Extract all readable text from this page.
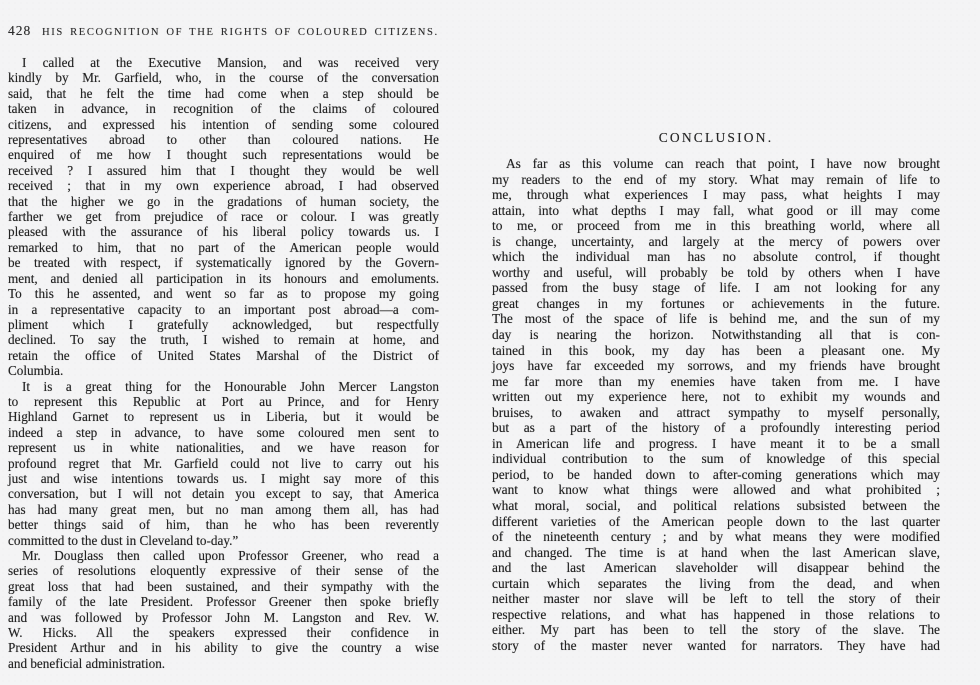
428	HIS RECOGNITION OF THE RIGHTS OF COLOURED CITIZENS.
I called at the Executive Mansion, and was received very
kindly by Mr. Garfield, who, in the course of the conversation
said, that he felt the time had come when a step should be
taken in advance, in recognition of the claims of coloured
citizens, and expressed his intention of sending some coloured
representatives abroad to other than coloured nations. He
enquired of me how I thought such representations would be
received ? I assured him that I thought they would be well
received ; that in my own experience abroad, I had observed
that the higher we go in the gradations of human society, the
farther we get from prejudice of race or colour. I was greatly
pleased with the assurance of his liberal policy towards us. I
remarked to him, that no part of the American people would
be treated with respect, if systematically ignored by the Govern-
ment, and denied all participation in its honours and emoluments.
To this he assented, and went so far as to propose my going
in a representative capacity to an important post abroad—a com-
pliment which I gratefully acknowledged, but respectfully
declined. To say the truth, I wished to remain at home, and
retain the office of United States Marshal of the District of
Columbia.
It is a great thing for the Honourable John Mercer Langston
to represent this Republic at Port au Prince, and for Henry
Highland Garnet to represent us in Liberia, but it would be
indeed a step in advance, to have some coloured men sent to
represent us in white nationalities, and we have reason for
profound regret that Mr. Garfield could not live to carry out his
just and wise intentions towards us. I might say more of this
conversation, but I will not detain you except to say, that America
has had many great men, but no man among them all, has had
better things said of him, than he who has been reverently
committed to the dust in Cleveland to-day.”
Mr. Douglass then called upon Professor Greener, who read a
series of resolutions eloquently expressive of their sense of the
great loss that had been sustained, and their sympathy with the
family of the late President. Professor Greener then spoke briefly
and was followed by Professor John M. Langston and Rev. W.
W. Hicks. All the speakers expressed their confidence in
President Arthur and in his ability to give the country a wise
and beneficial administration.
CONCLUSION.
As far as this volume can reach that point, I have now brought
my readers to the end of my story. What may remain of life to
me, through what experiences I may pass, what heights I may
attain, into what depths I may fall, what good or ill may come
to me, or proceed from me in this breathing world, where all
is change, uncertainty, and largely at the mercy of powers over
which the individual man has no absolute control, if thought
worthy and useful, will probably be told by others when I have
passed from the busy stage of life. I am not looking for any
great changes in my fortunes or achievements in the future.
The most of the space of life is behind me, and the sun of my
day is nearing the horizon. Notwithstanding all that is con-
tained in this book, my day has been a pleasant one. My
joys have far exceeded my sorrows, and my friends have brought
me far more than my enemies have taken from me. I have
written out my experience here, not to exhibit my wounds and
bruises, to awaken and attract sympathy to myself personally,
but as a part of the history of a profoundly interesting period
in American life and progress. I have meant it to be a small
individual contribution to the sum of knowledge of this special
period, to be handed down to after-coming generations which may
want to know what things were allowed and what prohibited ;
what moral, social, and political relations subsisted between the
different varieties of the American people down to the last quarter
of the nineteenth century ; and by what means they were modified
and changed. The time is at hand when the last American slave,
and the last American slaveholder will disappear behind the
curtain which separates the living from the dead, and when
neither master nor slave will be left to tell the story of their
respective relations, and what has happened in those relations to
either. My part has been to tell the story of the slave. The
story of the master never wanted for narrators. They have had
